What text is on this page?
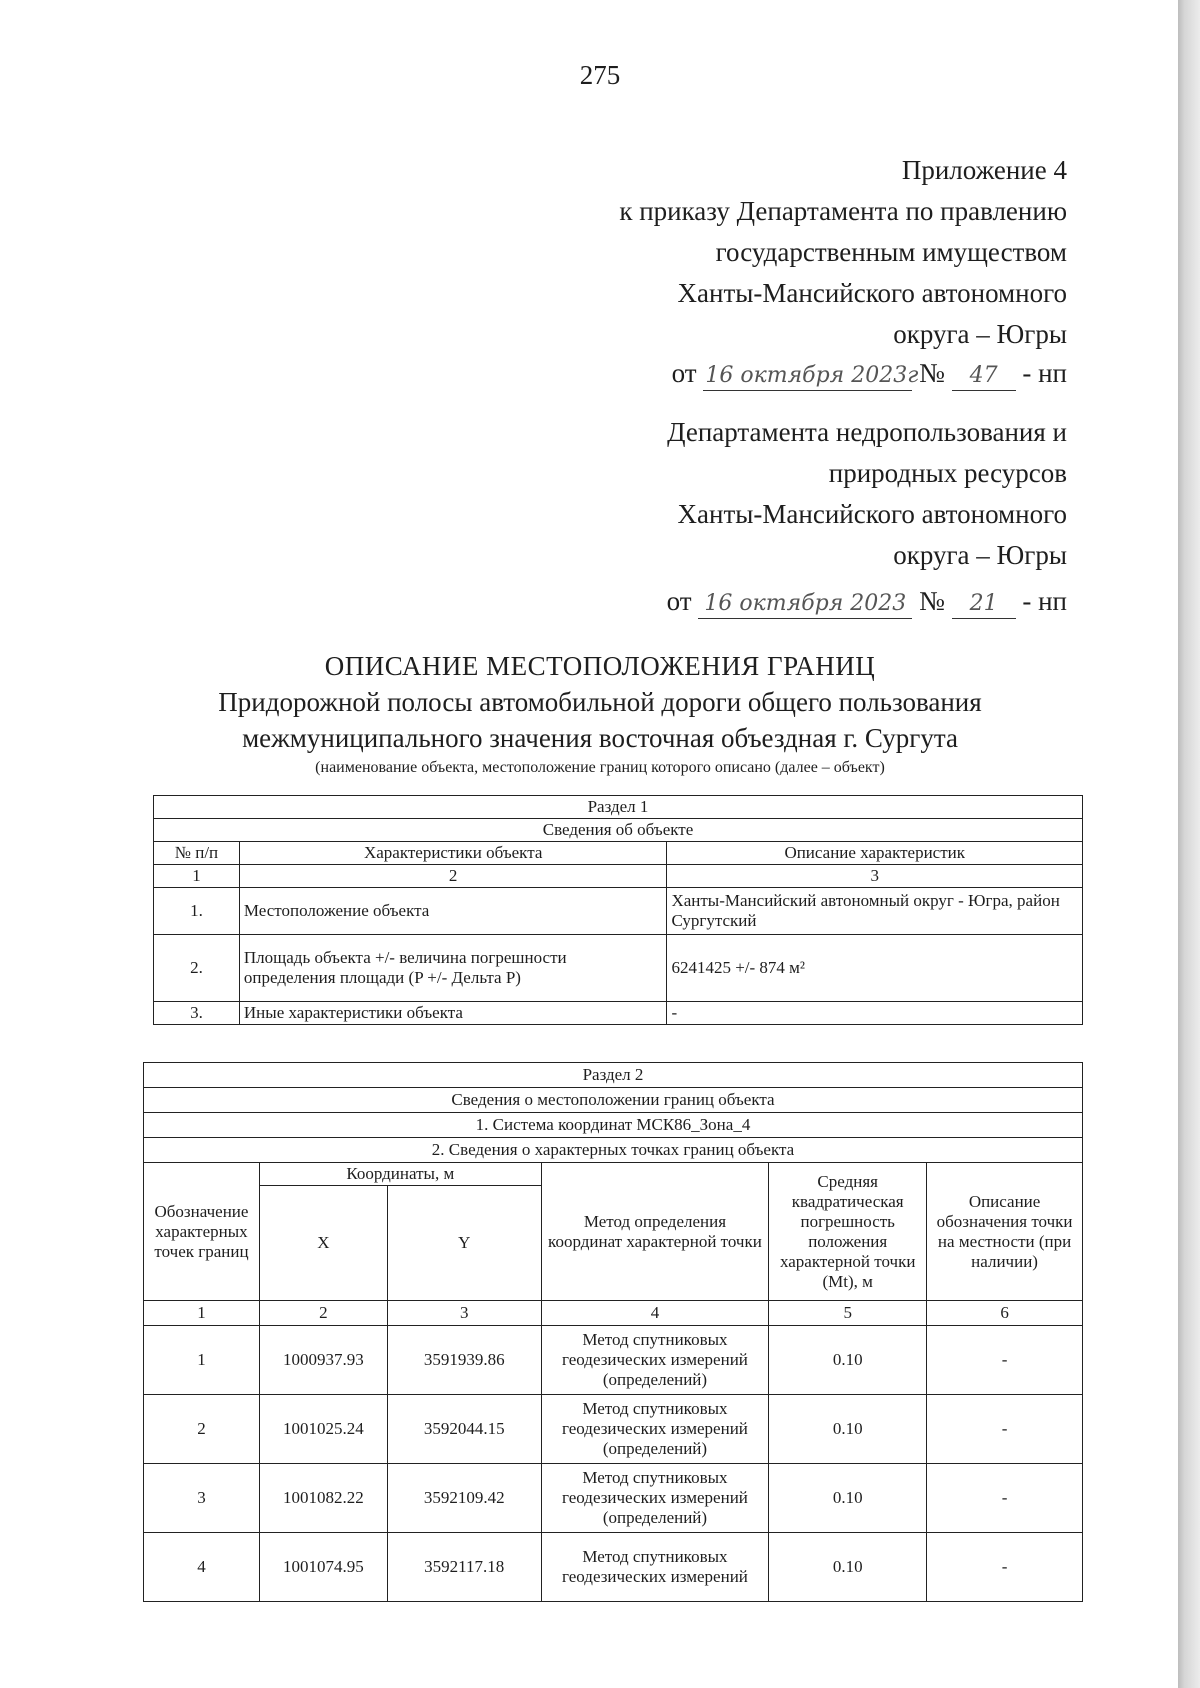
275
Приложение 4
к приказу Департамента по правлению
государственным имуществом
Ханты-Мансийского автономного
округа – Югры
от 16 октября 2023г № 47 - нп
Департамента недропользования и
природных ресурсов
Ханты-Мансийского автономного
округа – Югры
от 16 октября 2023 № 21 - нп
ОПИСАНИЕ МЕСТОПОЛОЖЕНИЯ ГРАНИЦ
Придорожной полосы автомобильной дороги общего пользования
межмуниципального значения восточная объездная г. Сургута
(наименование объекта, местоположение границ которого описано (далее – объект)
Раздел 1		
Сведения об объекте		
№ п/п	Характеристики объекта	Описание характеристик
1	2	3
1.	Местоположение объекта	Ханты-Мансийский автономный округ - Югра, район Сургутский
2.	Площадь объекта +/- величина погрешности определения площади (P +/- Дельта P)	6241425 +/- 874 м²
3.	Иные характеристики объекта	-
Раздел 2					
Сведения о местоположении границ объекта					
1. Система координат МСК86_Зона_4					
2. Сведения о характерных точках границ объекта					
Обозначение характерных точек границ	Координаты, м		Метод определения координат характерной точки	Средняя квадратическая погрешность положения характерной точки (Mt), м	Описание обозначения точки на местности (при наличии)
	X	Y			
1	2	3	4	5	6
1	1000937.93	3591939.86	Метод спутниковых геодезических измерений (определений)	0.10	-
2	1001025.24	3592044.15	Метод спутниковых геодезических измерений (определений)	0.10	-
3	1001082.22	3592109.42	Метод спутниковых геодезических измерений (определений)	0.10	-
4	1001074.95	3592117.18	Метод спутниковых геодезических измерений	0.10	-
